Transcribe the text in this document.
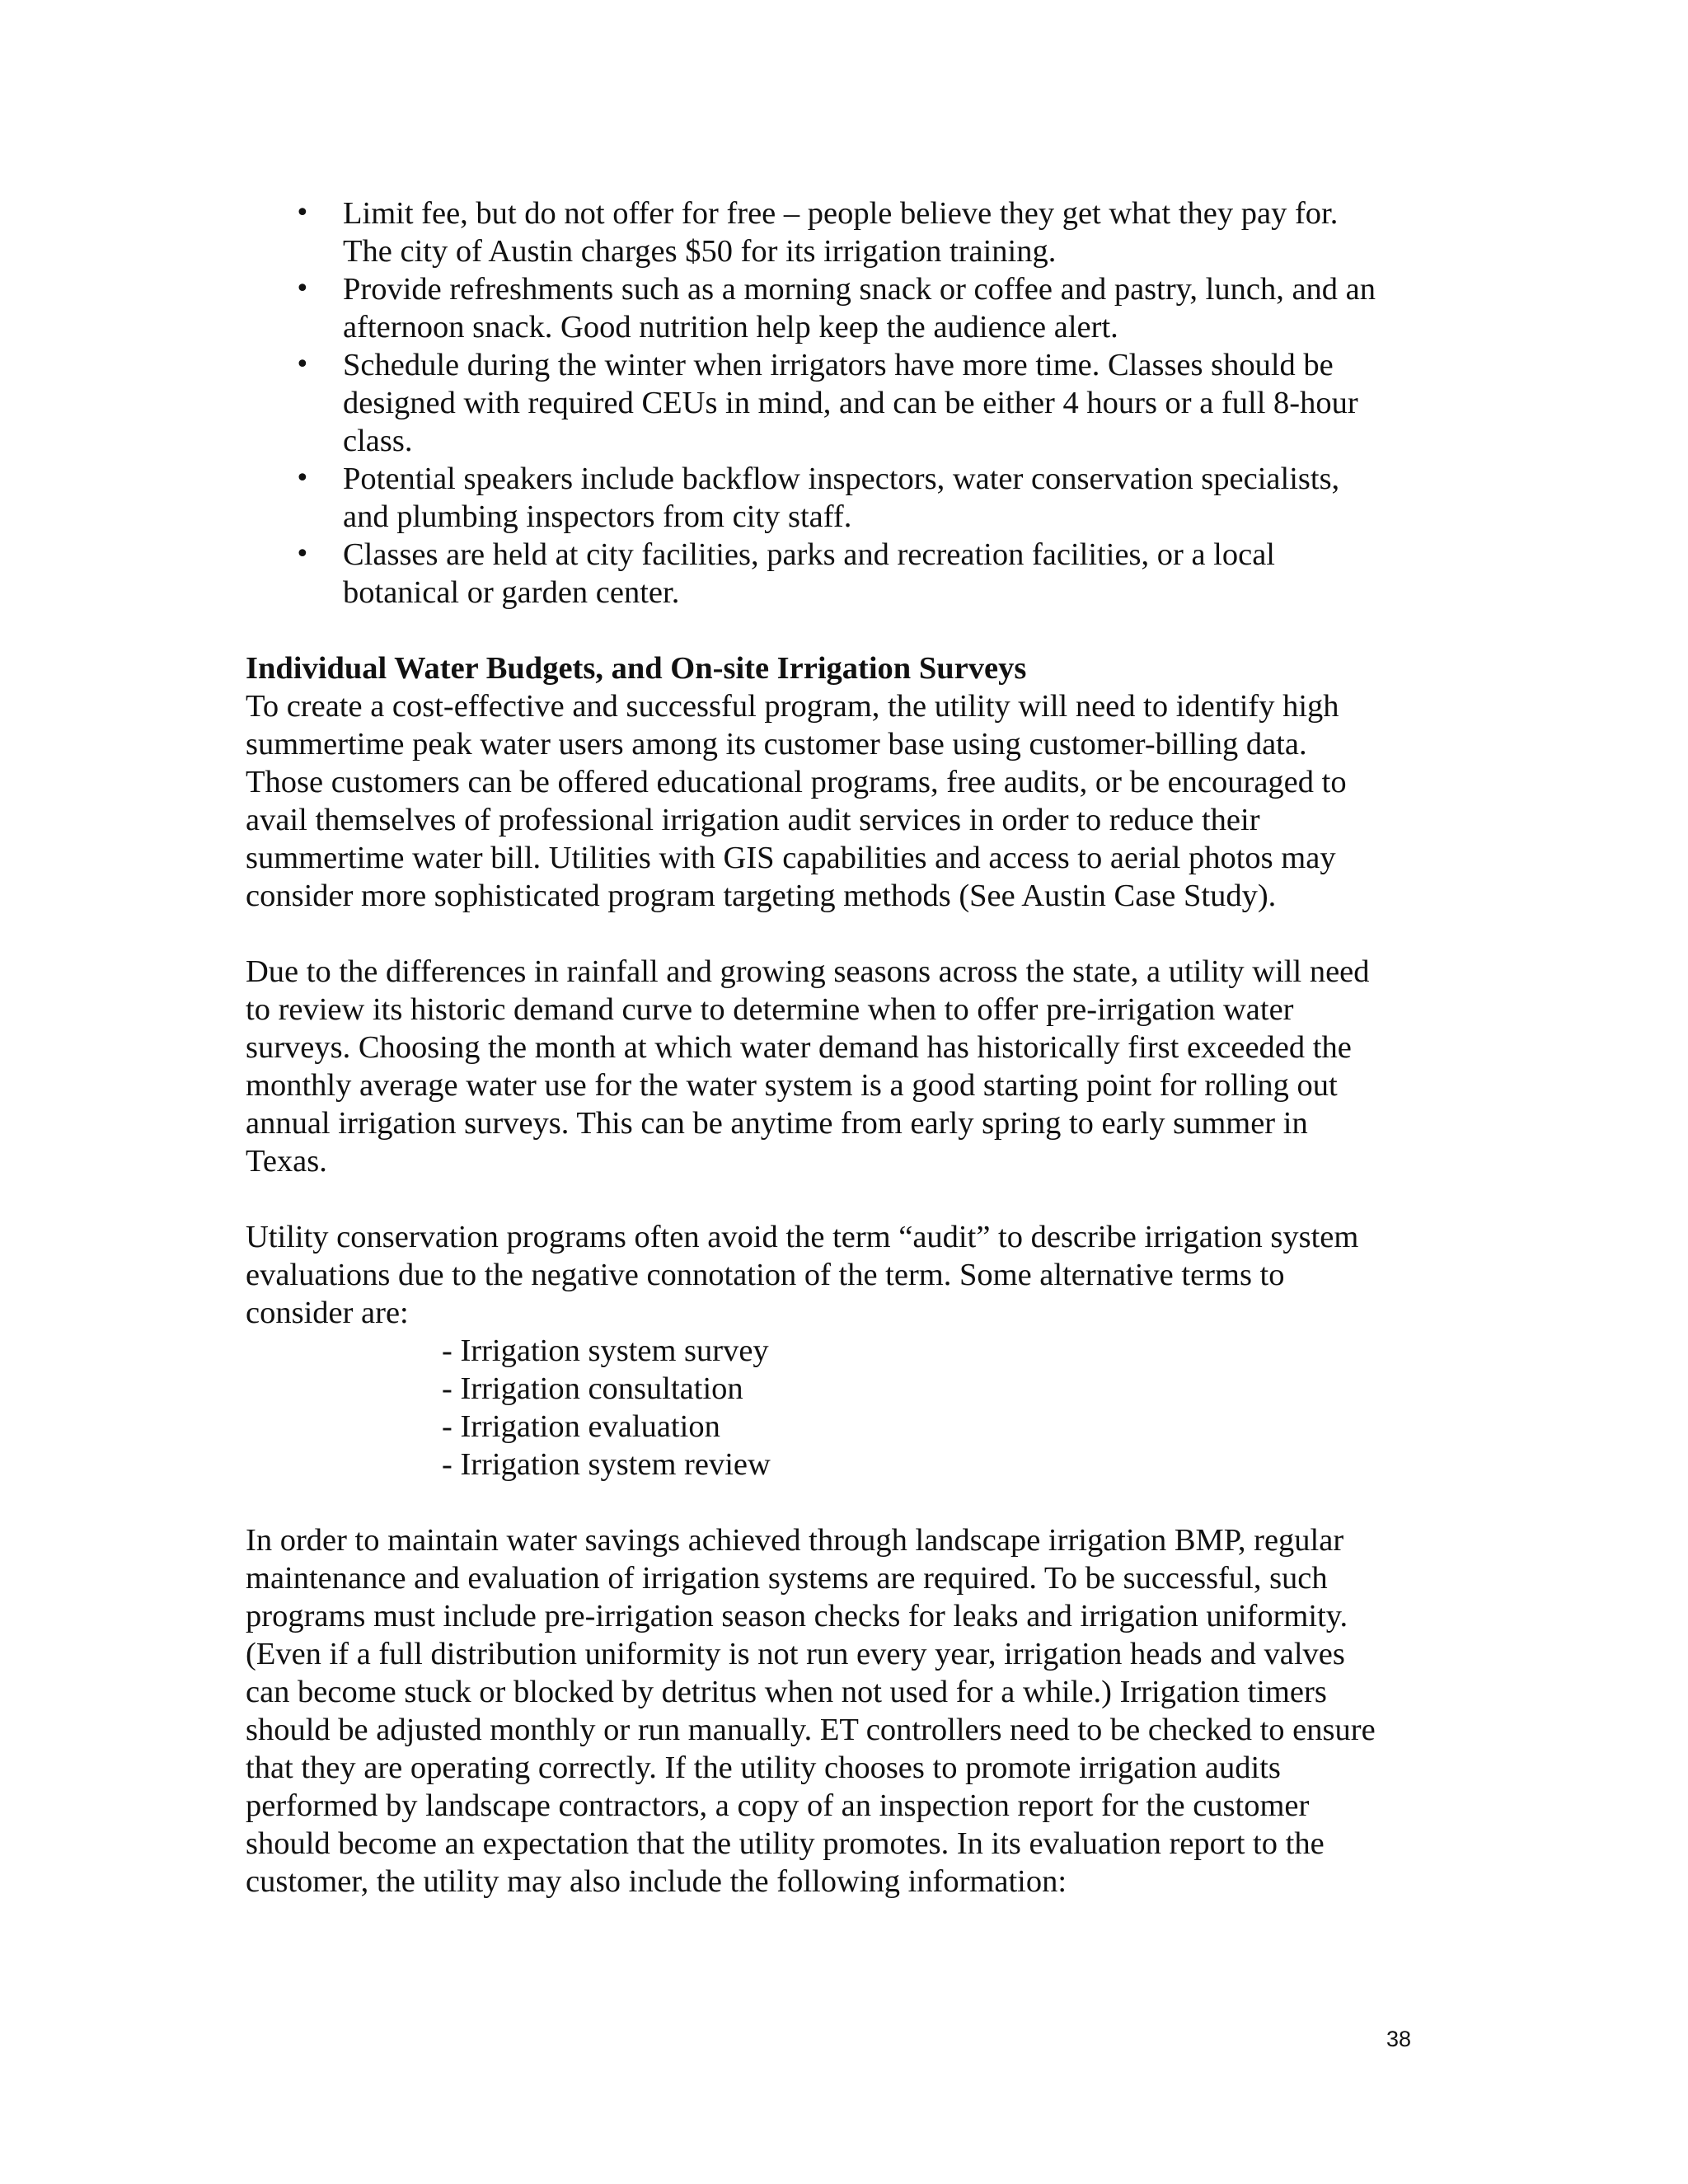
• Limit fee, but do not offer for free – people believe they get what they pay for.
The city of Austin charges $50 for its irrigation training.
• Provide refreshments such as a morning snack or coffee and pastry, lunch, and an
afternoon snack. Good nutrition help keep the audience alert.
• Schedule during the winter when irrigators have more time. Classes should be
designed with required CEUs in mind, and can be either 4 hours or a full 8-hour
class.
• Potential speakers include backflow inspectors, water conservation specialists,
and plumbing inspectors from city staff.
• Classes are held at city facilities, parks and recreation facilities, or a local
botanical or garden center.
Individual Water Budgets, and On-site Irrigation Surveys

To create a cost-effective and successful program, the utility will need to identify high
summertime peak water users among its customer base using customer-billing data.
Those customers can be offered educational programs, free audits, or be encouraged to
avail themselves of professional irrigation audit services in order to reduce their
summertime water bill. Utilities with GIS capabilities and access to aerial photos may
consider more sophisticated program targeting methods (See Austin Case Study).

Due to the differences in rainfall and growing seasons across the state, a utility will need
to review its historic demand curve to determine when to offer pre-irrigation water
surveys. Choosing the month at which water demand has historically first exceeded the
monthly average water use for the water system is a good starting point for rolling out
annual irrigation surveys. This can be anytime from early spring to early summer in
Texas.

Utility conservation programs often avoid the term “audit” to describe irrigation system
evaluations due to the negative connotation of the term. Some alternative terms to
consider are:

- Irrigation system survey
- Irrigation consultation
- Irrigation evaluation
- Irrigation system review

In order to maintain water savings achieved through landscape irrigation BMP, regular
maintenance and evaluation of irrigation systems are required. To be successful, such
programs must include pre-irrigation season checks for leaks and irrigation uniformity.
(Even if a full distribution uniformity is not run every year, irrigation heads and valves
can become stuck or blocked by detritus when not used for a while.) Irrigation timers
should be adjusted monthly or run manually. ET controllers need to be checked to ensure
that they are operating correctly. If the utility chooses to promote irrigation audits
performed by landscape contractors, a copy of an inspection report for the customer
should become an expectation that the utility promotes. In its evaluation report to the
customer, the utility may also include the following information:

38
